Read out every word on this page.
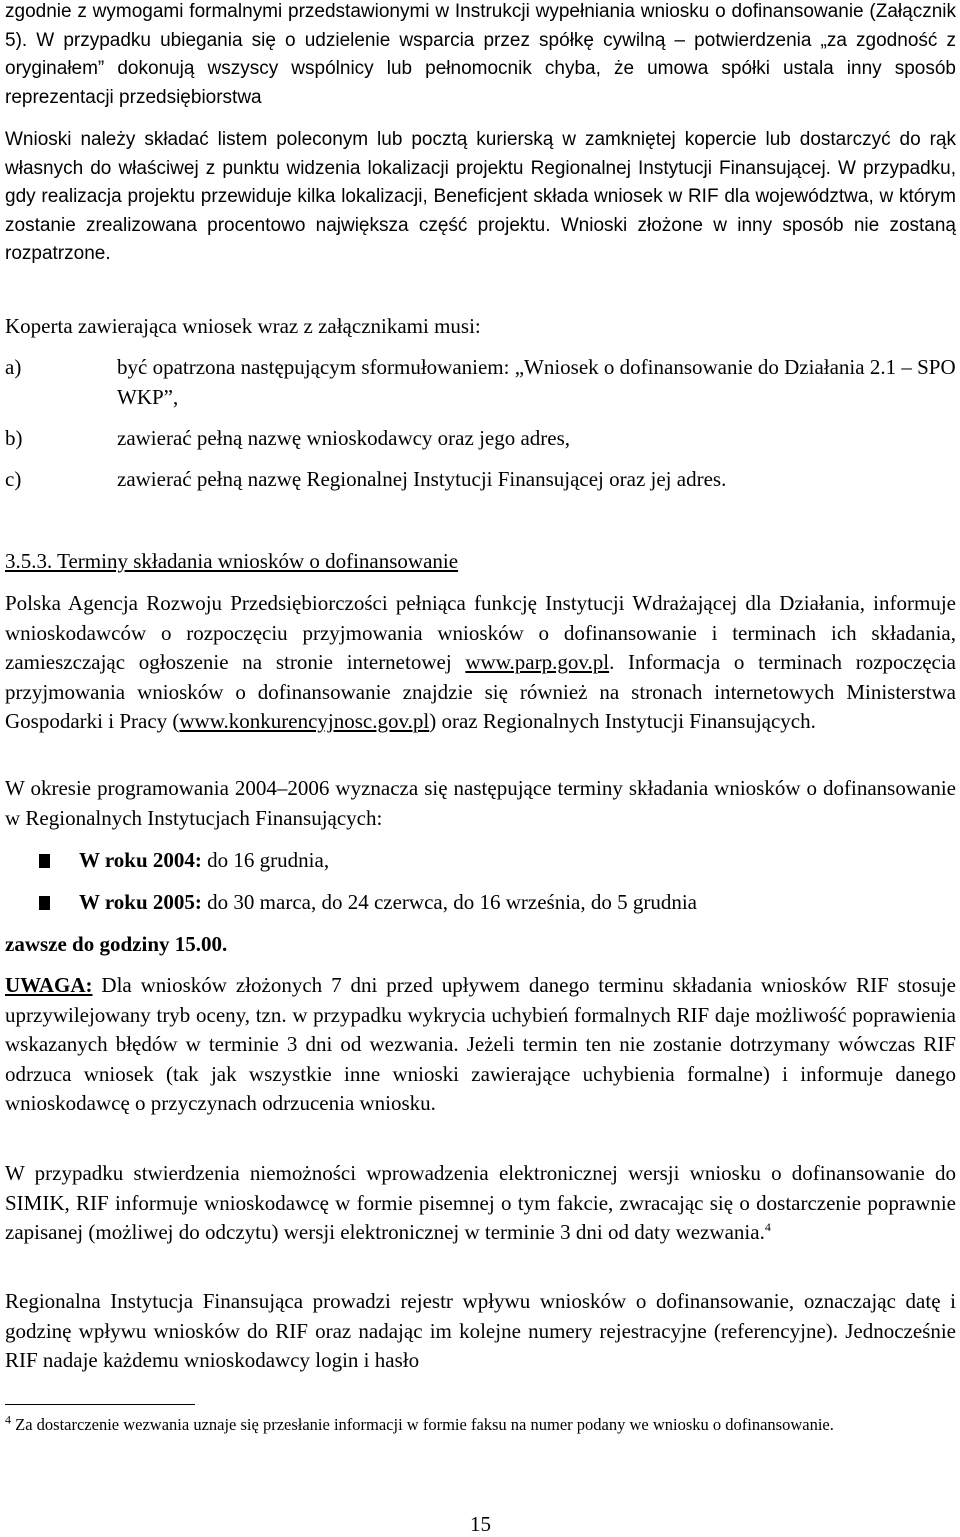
zgodnie z wymogami formalnymi przedstawionymi w Instrukcji wypełniania wniosku o dofinansowanie (Załącznik 5). W przypadku ubiegania się o udzielenie wsparcia przez spółkę cywilną – potwierdzenia „za zgodność z oryginałem” dokonują wszyscy wspólnicy lub pełnomocnik chyba, że umowa spółki ustala inny sposób reprezentacji przedsiębiorstwa

Wnioski należy składać listem poleconym lub pocztą kurierską w zamkniętej kopercie lub dostarczyć do rąk własnych do właściwej z punktu widzenia lokalizacji projektu Regionalnej Instytucji Finansującej. W przypadku, gdy realizacja projektu przewiduje kilka lokalizacji, Beneficjent składa wniosek w RIF dla województwa, w którym zostanie zrealizowana procentowo największa część projektu. Wnioski złożone w inny sposób nie zostaną rozpatrzone.

Koperta zawierająca wniosek wraz z załącznikami musi:

a)	być opatrzona następującym sformułowaniem: „Wniosek o dofinansowanie do Działania 2.1 – SPO WKP”,
b)	zawierać pełną nazwę wnioskodawcy oraz jego adres,
c)	zawierać pełną nazwę Regionalnej Instytucji Finansującej oraz jej adres.

3.5.3. Terminy składania wniosków o dofinansowanie

Polska Agencja Rozwoju Przedsiębiorczości pełniąca funkcję Instytucji Wdrażającej dla Działania, informuje wnioskodawców o rozpoczęciu przyjmowania wniosków o dofinansowanie i terminach ich składania, zamieszczając ogłoszenie na stronie internetowej www.parp.gov.pl. Informacja o terminach rozpoczęcia przyjmowania wniosków o dofinansowanie znajdzie się również na stronach internetowych Ministerstwa Gospodarki i Pracy (www.konkurencyjnosc.gov.pl) oraz Regionalnych Instytucji Finansujących.

W okresie programowania 2004–2006 wyznacza się następujące terminy składania wniosków o dofinansowanie w Regionalnych Instytucjach Finansujących:

W roku 2004: do 16 grudnia,
W roku 2005: do 30 marca, do 24 czerwca, do 16 września, do 5 grudnia

zawsze do godziny 15.00.

UWAGA: Dla wniosków złożonych 7 dni przed upływem danego terminu składania wniosków RIF stosuje uprzywilejowany tryb oceny, tzn. w przypadku wykrycia uchybień formalnych RIF daje możliwość poprawienia wskazanych błędów w terminie 3 dni od wezwania. Jeżeli termin ten nie zostanie dotrzymany wówczas RIF odrzuca wniosek (tak jak wszystkie inne wnioski zawierające uchybienia formalne) i informuje danego wnioskodawcę o przyczynach odrzucenia wniosku.

W przypadku stwierdzenia niemożności wprowadzenia elektronicznej wersji wniosku o dofinansowanie do SIMIK, RIF informuje wnioskodawcę w formie pisemnej o tym fakcie, zwracając się o dostarczenie poprawnie zapisanej (możliwej do odczytu) wersji elektronicznej w terminie 3 dni od daty wezwania.$^4$

Regionalna Instytucja Finansująca prowadzi rejestr wpływu wniosków o dofinansowanie, oznaczając datę i godzinę wpływu wniosków do RIF oraz nadając im kolejne numery rejestracyjne (referencyjne). Jednocześnie RIF nadaje każdemu wnioskodawcy login i hasło

$^4$ Za dostarczenie wezwania uznaje się przesłanie informacji w formie faksu na numer podany we wniosku o dofinansowanie.

15
